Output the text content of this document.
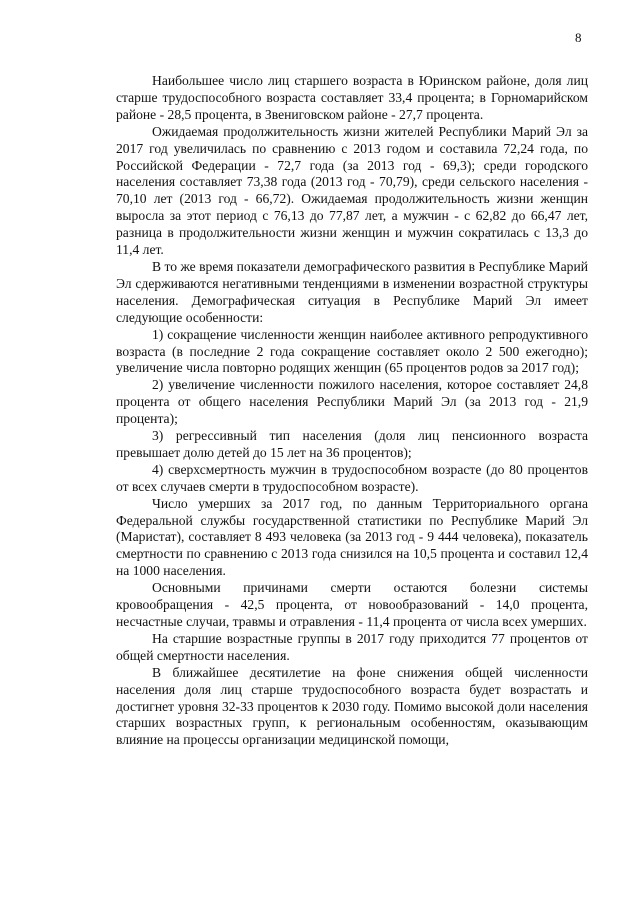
8

Наибольшее число лиц старшего возраста в Юринском районе, доля лиц старше трудоспособного возраста составляет 33,4 процента; в Горномарийском районе - 28,5 процента, в Звениговском районе - 27,7 процента.

Ожидаемая продолжительность жизни жителей Республики Марий Эл за 2017 год увеличилась по сравнению с 2013 годом и составила 72,24 года, по Российской Федерации - 72,7 года (за 2013 год - 69,3); среди городского населения составляет 73,38 года (2013 год - 70,79), среди сельского населения - 70,10 лет (2013 год - 66,72). Ожидаемая продолжительность жизни женщин выросла за этот период с 76,13 до 77,87 лет, а мужчин - с 62,82 до 66,47 лет, разница в продолжительности жизни женщин и мужчин сократилась с 13,3 до 11,4 лет.

В то же время показатели демографического развития в Республике Марий Эл сдерживаются негативными тенденциями в изменении возрастной структуры населения. Демографическая ситуация в Республике Марий Эл имеет следующие особенности:

1) сокращение численности женщин наиболее активного репродуктивного возраста (в последние 2 года сокращение составляет около 2 500 ежегодно); увеличение числа повторно родящих женщин (65 процентов родов за 2017 год);

2) увеличение численности пожилого населения, которое составляет 24,8 процента от общего населения Республики Марий Эл (за 2013 год - 21,9 процента);

3) регрессивный тип населения (доля лиц пенсионного возраста превышает долю детей до 15 лет на 36 процентов);

4) сверхсмертность мужчин в трудоспособном возрасте (до 80 процентов от всех случаев смерти в трудоспособном возрасте).

Число умерших за 2017 год, по данным Территориального органа Федеральной службы государственной статистики по Республике Марий Эл (Маристат), составляет 8 493 человека (за 2013 год - 9 444 человека), показатель смертности по сравнению с 2013 года снизился на 10,5 процента и составил 12,4 на 1000 населения.

Основными причинами смерти остаются болезни системы кровообращения - 42,5 процента, от новообразований - 14,0 процента, несчастные случаи, травмы и отравления - 11,4 процента от числа всех умерших.

На старшие возрастные группы в 2017 году приходится 77 процентов от общей смертности населения.

В ближайшее десятилетие на фоне снижения общей численности населения доля лиц старше трудоспособного возраста будет возрастать и достигнет уровня 32-33 процентов к 2030 году. Помимо высокой доли населения старших возрастных групп, к региональным особенностям, оказывающим влияние на процессы организации медицинской помощи,
